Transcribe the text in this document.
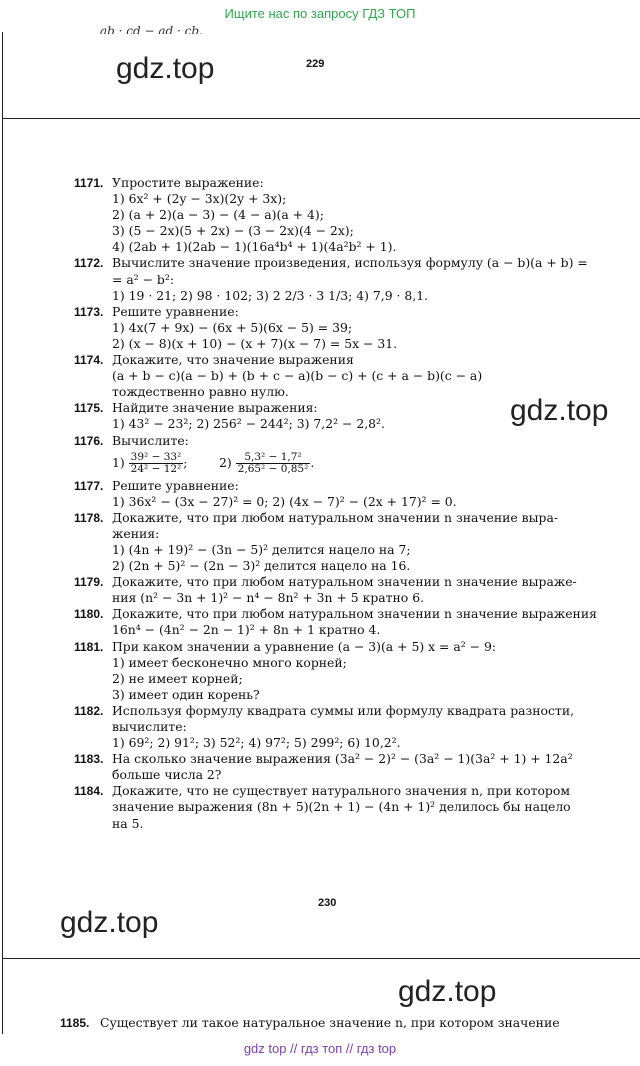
Ищите нас по запросу ГДЗ ТОП
ab · cd − ad · cb.
gdz.top	229
gdz.top
230
gdz.top
gdz.top
1171. Упростите выражение:
1) 6x² + (2y − 3x)(2y + 3x);
2) (a + 2)(a − 3) − (4 − a)(a + 4);
3) (5 − 2x)(5 + 2x) − (3 − 2x)(4 − 2x);
4) (2ab + 1)(2ab − 1)(16a⁴b⁴ + 1)(4a²b² + 1).
1172. Вычислите значение произведения, используя формулу (a − b)(a + b) =
= a² − b²:
1) 19 · 21; 2) 98 · 102; 3) 2 2/3 · 3 1/3; 4) 7,9 · 8,1.
1173. Решите уравнение:
1) 4x(7 + 9x) − (6x + 5)(6x − 5) = 39;
2) (x − 8)(x + 10) − (x + 7)(x − 7) = 5x − 31.
1174. Докажите, что значение выражения
(a + b − c)(a − b) + (b + c − a)(b − c) + (c + a − b)(c − a)
тождественно равно нулю.
1175. Найдите значение выражения:
1) 43² − 23²; 2) 256² − 244²; 3) 7,2² − 2,8².
1176. Вычислите:
$1) \frac{\text{39² − 33²}}{\text{24² − 12²}}$ ;	$2) \frac{\text{5,3² − 1,7²}}{\text{2,65² − 0,85²}}$ .
1177. Решите уравнение:
1) 36x² − (3x − 27)² = 0; 2) (4x − 7)² − (2x + 17)² = 0.
1178. Докажите, что при любом натуральном значении n значение выра-
жения:
1) (4n + 19)² − (3n − 5)² делится нацело на 7;
2) (2n + 5)² − (2n − 3)² делится нацело на 16.
1179. Докажите, что при любом натуральном значении n значение выраже-
ния (n² − 3n + 1)² − n⁴ − 8n² + 3n + 5 кратно 6.
1180. Докажите, что при любом натуральном значении n значение выражения
16n⁴ − (4n² − 2n − 1)² + 8n + 1 кратно 4.
1181. При каком значении a уравнение (a − 3)(a + 5) x = a² − 9:
1) имеет бесконечно много корней;
2) не имеет корней;
3) имеет один корень?
1182. Используя формулу квадрата суммы или формулу квадрата разности,
вычислите:
1) 69²; 2) 91²; 3) 52²; 4) 97²; 5) 299²; 6) 10,2².
1183. На сколько значение выражения (3a² − 2)² − (3a² − 1)(3a² + 1) + 12a²
больше числа 2?
1184. Докажите, что не существует натурального значения n, при котором
значение выражения (8n + 5)(2n + 1) − (4n + 1)² делилось бы нацело
на 5.
1185. Существует ли такое натуральное значение n, при котором значение
gdz top // гдз топ // гдз top
